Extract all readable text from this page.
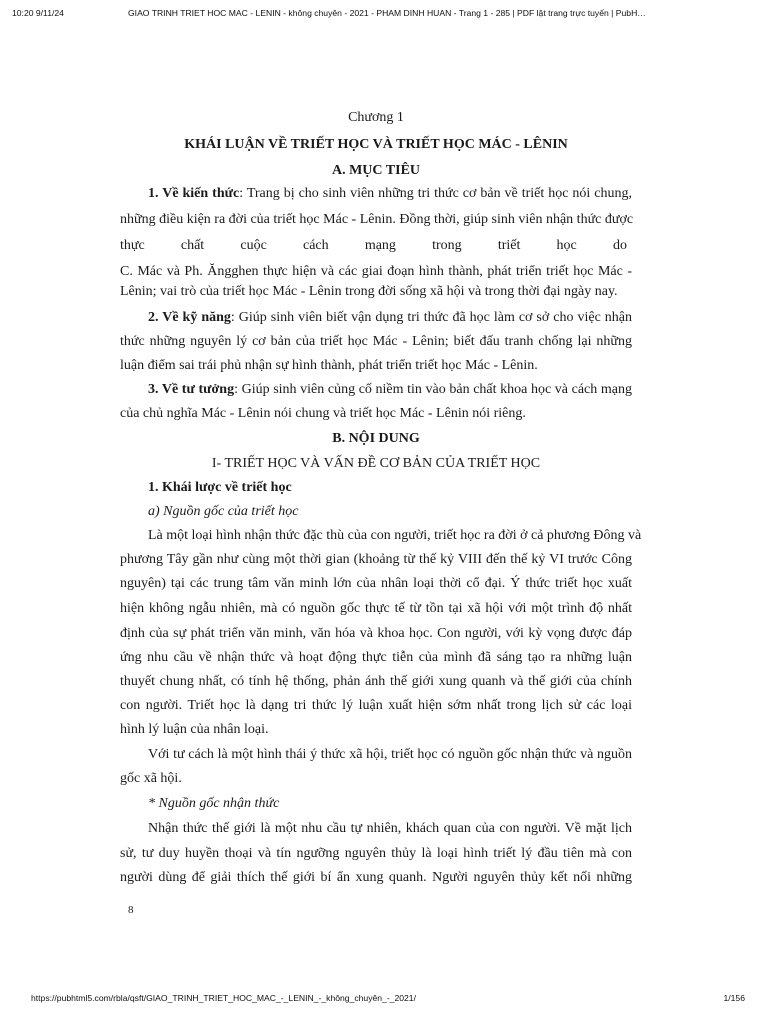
10:20 9/11/24	GIAO TRINH TRIET HOC MAC - LENIN - không chuyên - 2021 - PHAM DINH HUAN - Trang 1 - 285 | PDF lật trang trực tuyến | PubH…
Chương 1
KHÁI LUẬN VỀ TRIẾT HỌC VÀ TRIẾT HỌC MÁC - LÊNIN
A. MỤC TIÊU
1. Về kiến thức: Trang bị cho sinh viên những tri thức cơ bản về triết học nói chung,
những điều kiện ra đời của triết học Mác - Lênin. Đồng thời, giúp sinh viên nhận thức được
thực	chất	cuộc	cách	mạng	trong	triết	học	do
C. Mác và Ph. Ăngghen thực hiện và các giai đoạn hình thành, phát triển triết học Mác -
Lênin; vai trò của triết học Mác - Lênin trong đời sống xã hội và trong thời đại ngày nay.
2. Về kỹ năng: Giúp sinh viên biết vận dụng tri thức đã học làm cơ sở cho việc nhận
thức những nguyên lý cơ bản của triết học Mác - Lênin; biết đấu tranh chống lại những
luận điểm sai trái phủ nhận sự hình thành, phát triển triết học Mác - Lênin.
3. Về tư tưởng: Giúp sinh viên củng cố niềm tin vào bản chất khoa học và cách mạng
của chủ nghĩa Mác - Lênin nói chung và triết học Mác - Lênin nói riêng.
B. NỘI DUNG
I- TRIẾT HỌC VÀ VẤN ĐỀ CƠ BẢN CỦA TRIẾT HỌC
1. Khái lược về triết học
a) Nguồn gốc của triết học
Là một loại hình nhận thức đặc thù của con người, triết học ra đời ở cả phương Đông và
phương Tây gần như cùng một thời gian (khoảng từ thế kỷ VIII đến thế kỷ VI trước Công
nguyên) tại các trung tâm văn minh lớn của nhân loại thời cổ đại. Ý thức triết học xuất
hiện không ngẫu nhiên, mà có nguồn gốc thực tế từ tồn tại xã hội với một trình độ nhất
định của sự phát triển văn minh, văn hóa và khoa học. Con người, với kỳ vọng được đáp
ứng nhu cầu về nhận thức và hoạt động thực tiễn của mình đã sáng tạo ra những luận
thuyết chung nhất, có tính hệ thống, phản ánh thế giới xung quanh và thế giới của chính
con người. Triết học là dạng tri thức lý luận xuất hiện sớm nhất trong lịch sử các loại
hình lý luận của nhân loại.
Với tư cách là một hình thái ý thức xã hội, triết học có nguồn gốc nhận thức và nguồn
gốc xã hội.
* Nguồn gốc nhận thức
Nhận thức thế giới là một nhu cầu tự nhiên, khách quan của con người. Về mặt lịch
sử, tư duy huyền thoại và tín ngưỡng nguyên thủy là loại hình triết lý đầu tiên mà con
người dùng để giải thích thế giới bí ẩn xung quanh. Người nguyên thủy kết nối những
8
https://pubhtml5.com/rbla/qsft/GIAO_TRINH_TRIET_HOC_MAC_-_LENIN_-_không_chuyên_-_2021/	1/156
